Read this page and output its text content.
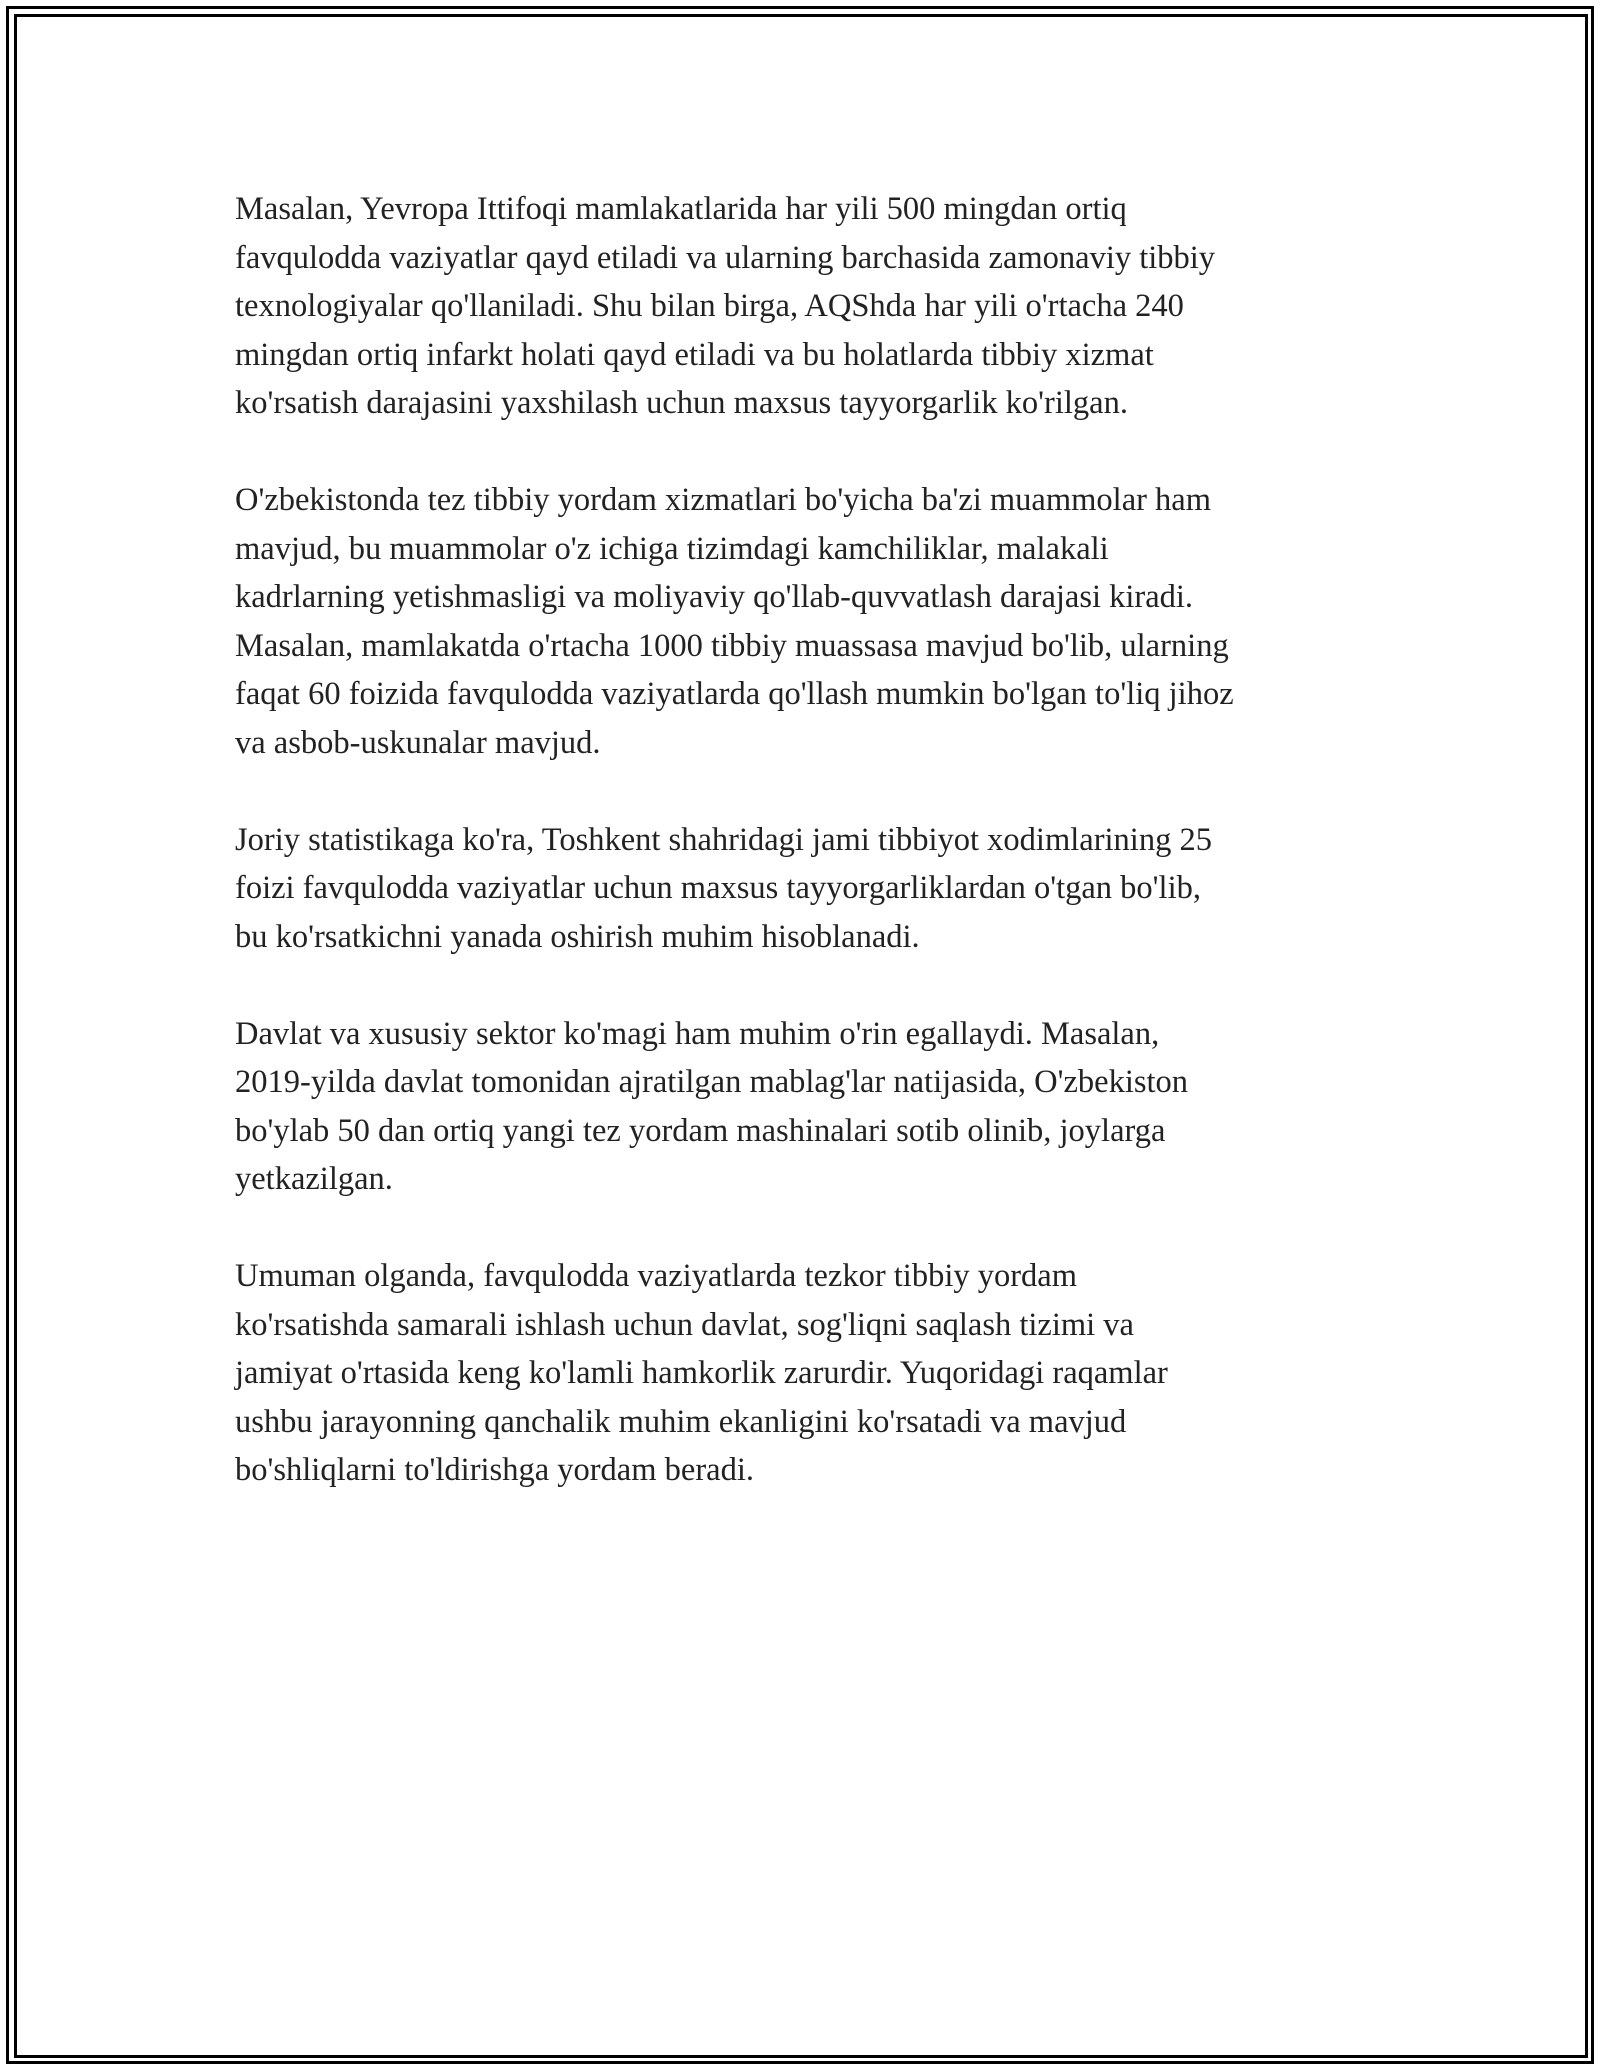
Masalan, Yevropa Ittifoqi mamlakatlarida har yili 500 mingdan ortiq
favqulodda vaziyatlar qayd etiladi va ularning barchasida zamonaviy tibbiy
texnologiyalar qo'llaniladi. Shu bilan birga, AQShda har yili o'rtacha 240
mingdan ortiq infarkt holati qayd etiladi va bu holatlarda tibbiy xizmat
ko'rsatish darajasini yaxshilash uchun maxsus tayyorgarlik ko'rilgan.

O'zbekistonda tez tibbiy yordam xizmatlari bo'yicha ba'zi muammolar ham
mavjud, bu muammolar o'z ichiga tizimdagi kamchiliklar, malakali
kadrlarning yetishmasligi va moliyaviy qo'llab-quvvatlash darajasi kiradi.
Masalan, mamlakatda o'rtacha 1000 tibbiy muassasa mavjud bo'lib, ularning
faqat 60 foizida favqulodda vaziyatlarda qo'llash mumkin bo'lgan to'liq jihoz
va asbob-uskunalar mavjud.

Joriy statistikaga ko'ra, Toshkent shahridagi jami tibbiyot xodimlarining 25
foizi favqulodda vaziyatlar uchun maxsus tayyorgarliklardan o'tgan bo'lib,
bu ko'rsatkichni yanada oshirish muhim hisoblanadi.

Davlat va xususiy sektor ko'magi ham muhim o'rin egallaydi. Masalan,
2019-yilda davlat tomonidan ajratilgan mablag'lar natijasida, O'zbekiston
bo'ylab 50 dan ortiq yangi tez yordam mashinalari sotib olinib, joylarga
yetkazilgan.

Umuman olganda, favqulodda vaziyatlarda tezkor tibbiy yordam
ko'rsatishda samarali ishlash uchun davlat, sog'liqni saqlash tizimi va
jamiyat o'rtasida keng ko'lamli hamkorlik zarurdir. Yuqoridagi raqamlar
ushbu jarayonning qanchalik muhim ekanligini ko'rsatadi va mavjud
bo'shliqlarni to'ldirishga yordam beradi.
